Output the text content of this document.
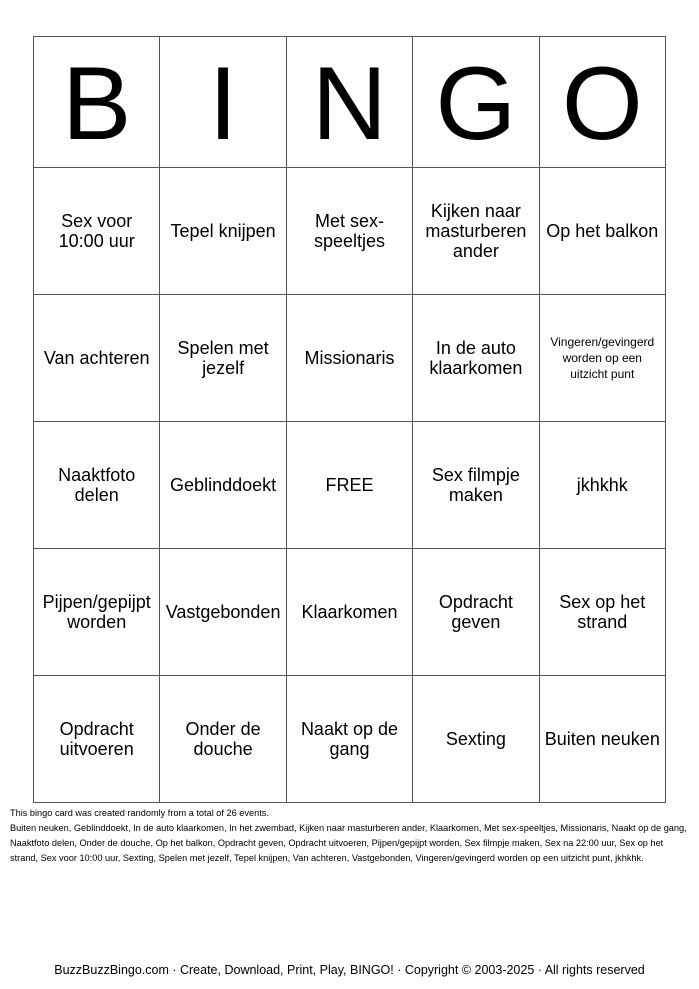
B	I	N	G	O
Sex voor 10:00 uur	Tepel knijpen	Met sex-speeltjes	Kijken naar masturberen ander	Op het balkon
Van achteren	Spelen met jezelf	Missionaris	In de auto klaarkomen	Vingeren/gevingerd worden op een uitzicht punt
Naaktfoto delen	Geblinddoekt	FREE	Sex filmpje maken	jkhkhk
Pijpen/gepijpt worden	Vastgebonden	Klaarkomen	Opdracht geven	Sex op het strand
Opdracht uitvoeren	Onder de douche	Naakt op de gang	Sexting	Buiten neuken
This bingo card was created randomly from a total of 26 events.
Buiten neuken, Geblinddoekt, In de auto klaarkomen, In het zwembad, Kijken naar masturberen ander, Klaarkomen, Met sex-speeltjes, Missionaris, Naakt op de gang, Naaktfoto delen, Onder de douche, Op het balkon, Opdracht geven, Opdracht uitvoeren, Pijpen/gepijpt worden, Sex filmpje maken, Sex na 22:00 uur, Sex op het strand, Sex voor 10:00 uur, Sexting, Spelen met jezelf, Tepel knijpen, Van achteren, Vastgebonden, Vingeren/gevingerd worden op een uitzicht punt, jkhkhk.
BuzzBuzzBingo.com · Create, Download, Print, Play, BINGO! · Copyright © 2003-2025 · All rights reserved
